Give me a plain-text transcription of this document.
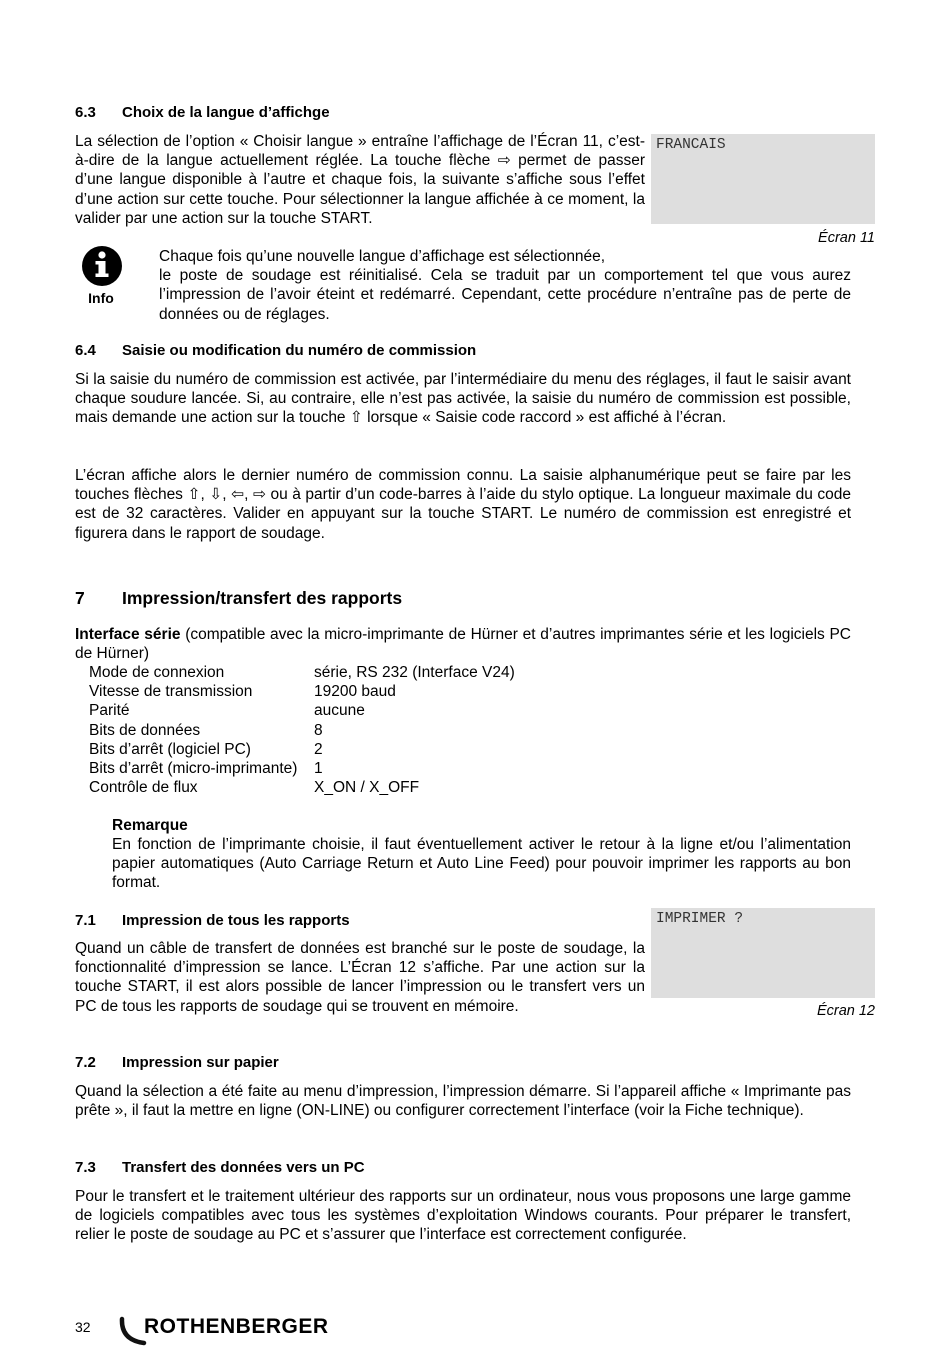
6.3 Choix de la langue d’affichge
La sélection de l’option « Choisir langue » entraîne l’affichage de l’Écran 11, c’est-à-dire de la langue actuellement réglée. La touche flèche ⇨ permet de passer d’une langue disponible à l’autre et chaque fois, la suivante s’affiche sous l’effet d’une action sur cette touche. Pour sélectionner la langue affichée à ce moment, la valider par une action sur la touche START.
FRANCAIS
Écran 11
Info
Chaque fois qu’une nouvelle langue d’affichage est sélectionnée,
le poste de soudage est réinitialisé. Cela se traduit par un comportement tel que vous aurez l’impression de l’avoir éteint et redémarré. Cependant, cette procédure n’entraîne pas de perte de données ou de réglages.
6.4 Saisie ou modification du numéro de commission
Si la saisie du numéro de commission est activée, par l’intermédiaire du menu des réglages, il faut le saisir avant chaque soudure lancée. Si, au contraire, elle n’est pas activée, la saisie du numéro de commission est possible, mais demande une action sur la touche ⇧ lorsque « Saisie code raccord » est affiché à l’écran.
L’écran affiche alors le dernier numéro de commission connu. La saisie alphanumérique peut se faire par les touches flèches ⇧, ⇩, ⇦, ⇨ ou à partir d’un code-barres à l’aide du stylo optique. La longueur maximale du code est de 32 caractères. Valider en appuyant sur la touche START. Le numéro de commission est enregistré et figurera dans le rapport de soudage.
7 Impression/transfert des rapports
Interface série (compatible avec la micro-imprimante de Hürner et d’autres imprimantes série et les logiciels PC de Hürner)
Mode de connexion	série, RS 232 (Interface V24)
Vitesse de transmission	19200 baud
Parité	aucune
Bits de données	8
Bits d’arrêt (logiciel PC)	2
Bits d’arrêt (micro-imprimante)	1
Contrôle de flux	X_ON / X_OFF
Remarque
En fonction de l’imprimante choisie, il faut éventuellement activer le retour à la ligne et/ou l’alimentation papier automatiques (Auto Carriage Return et Auto Line Feed) pour pouvoir imprimer les rapports au bon format.
7.1 Impression de tous les rapports
Quand un câble de transfert de données est branché sur le poste de soudage, la fonctionnalité d’impression se lance. L’Écran 12 s’affiche. Par une action sur la touche START, il est alors possible de lancer l’impression ou le transfert vers un PC de tous les rapports de soudage qui se trouvent en mémoire.
IMPRIMER ?
Écran 12
7.2 Impression sur papier
Quand la sélection a été faite au menu d’impression, l’impression démarre. Si l’appareil affiche « Imprimante pas prête », il faut la mettre en ligne (ON-LINE) ou configurer correctement l’interface (voir la Fiche technique).
7.3 Transfert des données vers un PC
Pour le transfert et le traitement ultérieur des rapports sur un ordinateur, nous vous proposons une large gamme de logiciels compatibles avec tous les systèmes d’exploitation Windows courants. Pour préparer le transfert, relier le poste de soudage au PC et s’assurer que l’interface est correctement configurée.
32	ROTHENBERGER
